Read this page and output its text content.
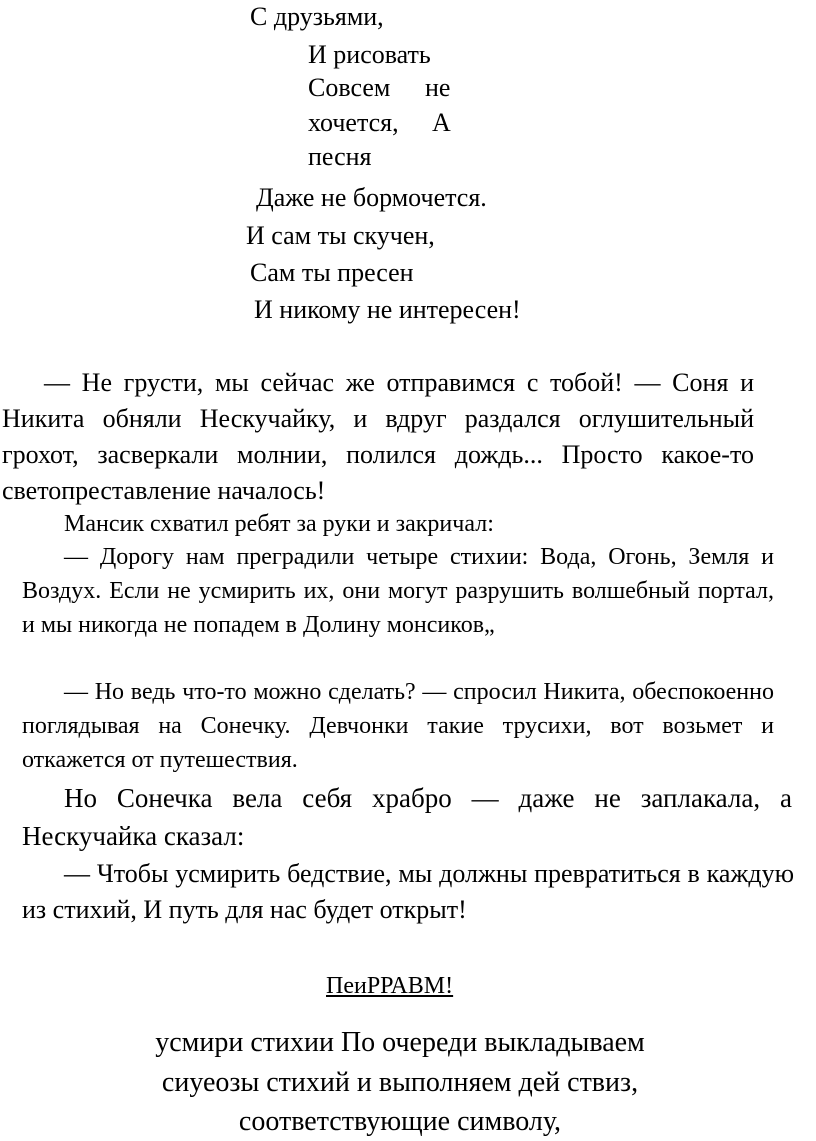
С друзьями,
И рисовать
Совсем не
хочется, А
песня
Даже не бормочется.
И сам ты скучен,
Сам ты пресен
И никому не интересен!

— Не грусти, мы сейчас же отправимся с тобой! — Соня и Никита обняли Нескучайку, и вдруг раздался оглушительный грохот, засверкали молнии, полился дождь... Просто какое-то светопреставление началось!

Мансик схватил ребят за руки и закричал:

— Дорогу нам преградили четыре стихии: Вода, Огонь, Земля и Воздух. Если не усмирить их, они могут разрушить волшебный портал, и мы никогда не попадем в Долину монсиков„

— Но ведь что-то можно сделать? — спросил Никита, обеспокоенно поглядывая на Сонечку. Девчонки такие трусихи, вот возьмет и откажется от путешествия.

Но Сонечка вела себя храбро — даже не заплакала, а Нескучайка сказал:

— Чтобы усмирить бедствие, мы должны превратиться в каждую из стихий, И путь для нас будет открыт!

ПеиРРАВМ!
усмири стихии По очереди выкладываем
сиуеозы стихий и выполняем дей ствиз,
соответствующие символу,
